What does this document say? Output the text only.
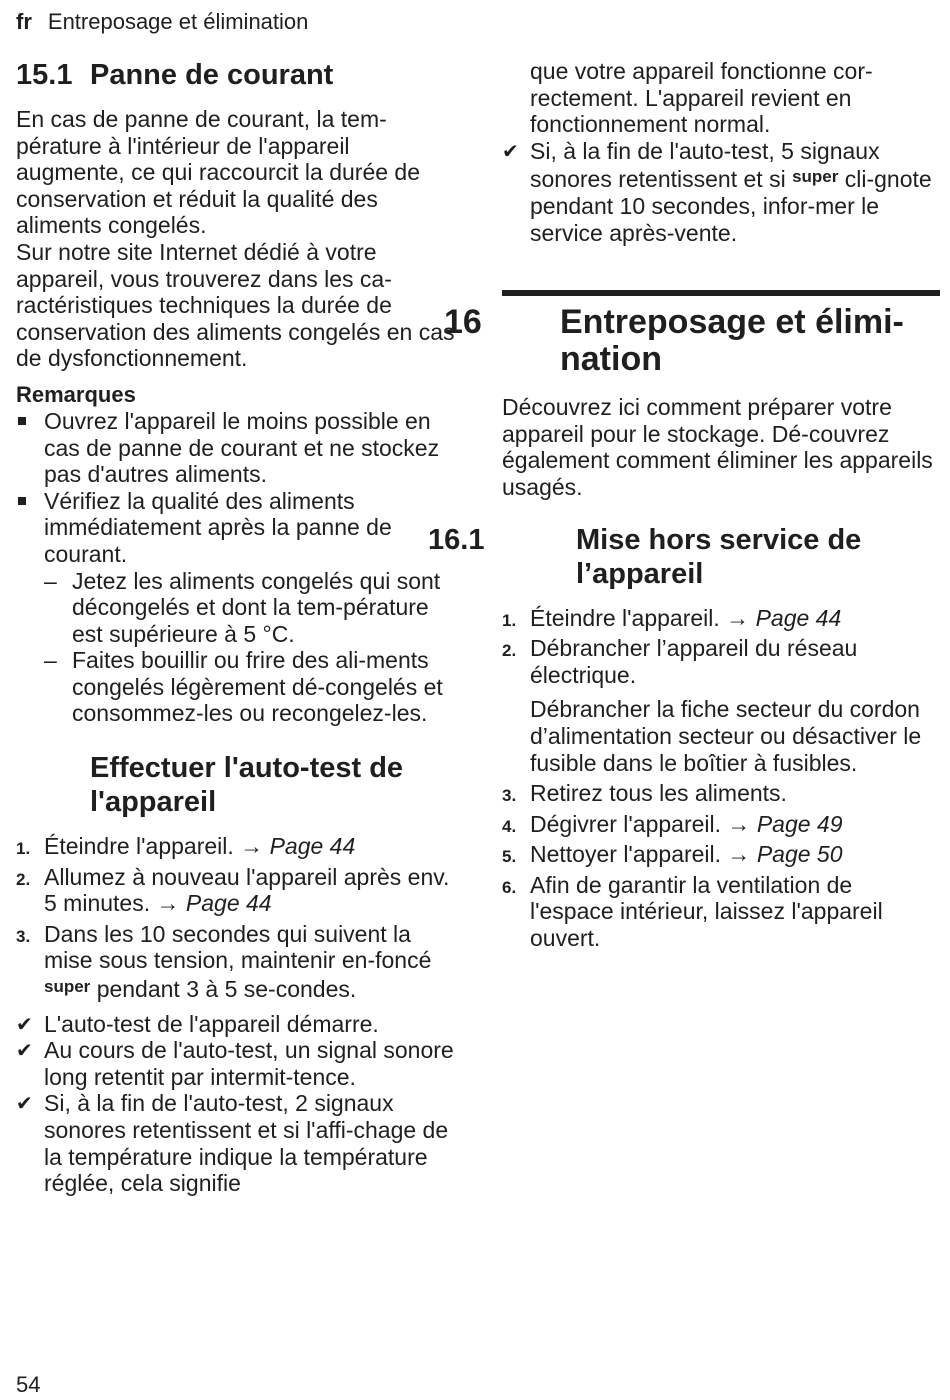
fr Entreposage et élimination
15.1 Panne de courant

En cas de panne de courant, la tem-pérature à l'intérieur de l'appareil augmente, ce qui raccourcit la durée de conservation et réduit la qualité des aliments congelés.

Sur notre site Internet dédié à votre appareil, vous trouverez dans les ca-ractéristiques techniques la durée de conservation des aliments congelés en cas de dysfonctionnement.

Remarques
Ouvrez l'appareil le moins possible en cas de panne de courant et ne stockez pas d'autres aliments.
Vérifiez la qualité des aliments immédiatement après la panne de courant.
– Jetez les aliments congelés qui sont décongelés et dont la tem-pérature est supérieure à 5 °C.
– Faites bouillir ou frire des ali-ments congelés légèrement dé-congelés et consommez-les ou recongelez-les.
Effectuer l'auto-test de l'appareil
1. Éteindre l'appareil. → Page 44
2. Allumez à nouveau l'appareil après env. 5 minutes. → Page 44
3. Dans les 10 secondes qui suivent la mise sous tension, maintenir en-foncé $^{super}$ pendant 3 à 5 se-condes.
✔ L'auto-test de l'appareil démarre.
✔ Au cours de l'auto-test, un signal sonore long retentit par intermit-tence.
✔ Si, à la fin de l'auto-test, 2 signaux sonores retentissent et si l'affi-chage de la température indique la température réglée, cela signifie
que votre appareil fonctionne cor-rectement. L'appareil revient en fonctionnement normal.
✔ Si, à la fin de l'auto-test, 5 signaux sonores retentissent et si $^{super}$ cli-gnote pendant 10 secondes, infor-mer le service après-vente.
16 Entreposage et élimi-nation

Découvrez ici comment préparer votre appareil pour le stockage. Dé-couvrez également comment éliminer les appareils usagés.

16.1	Mise hors service de l’appareil
1. Éteindre l'appareil. → Page 44
2. Débrancher l’appareil du réseau électrique.

Débrancher la fiche secteur du cordon d’alimentation secteur ou désactiver le fusible dans le boîtier à fusibles.

3. Retirez tous les aliments.
4. Dégivrer l'appareil. → Page 49
5. Nettoyer l'appareil. → Page 50
6. Afin de garantir la ventilation de l'espace intérieur, laissez l'appareil ouvert.
54
